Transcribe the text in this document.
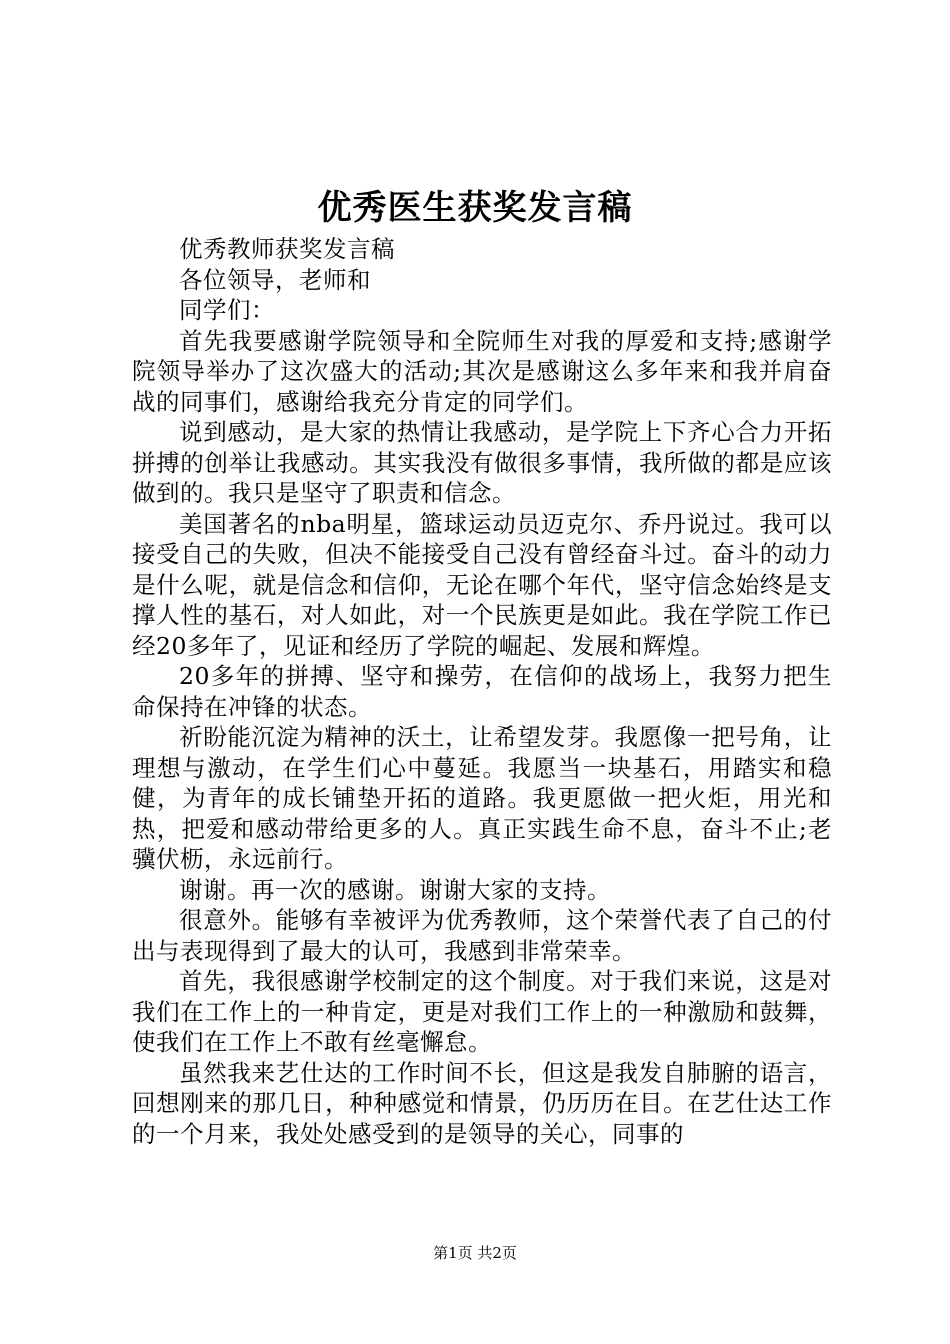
优秀医生获奖发言稿

优秀教师获奖发言稿

各位领导，老师和

同学们：

首先我要感谢学院领导和全院师生对我的厚爱和支持;感谢学院领导举办了这次盛大的活动;其次是感谢这么多年来和我并肩奋战的同事们，感谢给我充分肯定的同学们。

说到感动，是大家的热情让我感动，是学院上下齐心合力开拓拼搏的创举让我感动。其实我没有做很多事情，我所做的都是应该做到的。我只是坚守了职责和信念。

美国著名的nba明星，篮球运动员迈克尔、乔丹说过。我可以接受自己的失败，但决不能接受自己没有曾经奋斗过。奋斗的动力是什么呢，就是信念和信仰，无论在哪个年代，坚守信念始终是支撑人性的基石，对人如此，对一个民族更是如此。我在学院工作已经20多年了，见证和经历了学院的崛起、发展和辉煌。

20多年的拼搏、坚守和操劳，在信仰的战场上，我努力把生命保持在冲锋的状态。

祈盼能沉淀为精神的沃土，让希望发芽。我愿像一把号角，让理想与激动，在学生们心中蔓延。我愿当一块基石，用踏实和稳健，为青年的成长铺垫开拓的道路。我更愿做一把火炬，用光和热，把爱和感动带给更多的人。真正实践生命不息，奋斗不止;老骥伏枥，永远前行。

谢谢。再一次的感谢。谢谢大家的支持。

很意外。能够有幸被评为优秀教师，这个荣誉代表了自己的付出与表现得到了最大的认可，我感到非常荣幸。

首先，我很感谢学校制定的这个制度。对于我们来说，这是对我们在工作上的一种肯定，更是对我们工作上的一种激励和鼓舞，使我们在工作上不敢有丝毫懈怠。

虽然我来艺仕达的工作时间不长，但这是我发自肺腑的语言，回想刚来的那几日，种种感觉和情景，仍历历在目。在艺仕达工作的一个月来，我处处感受到的是领导的关心，同事的

第1页 共2页
